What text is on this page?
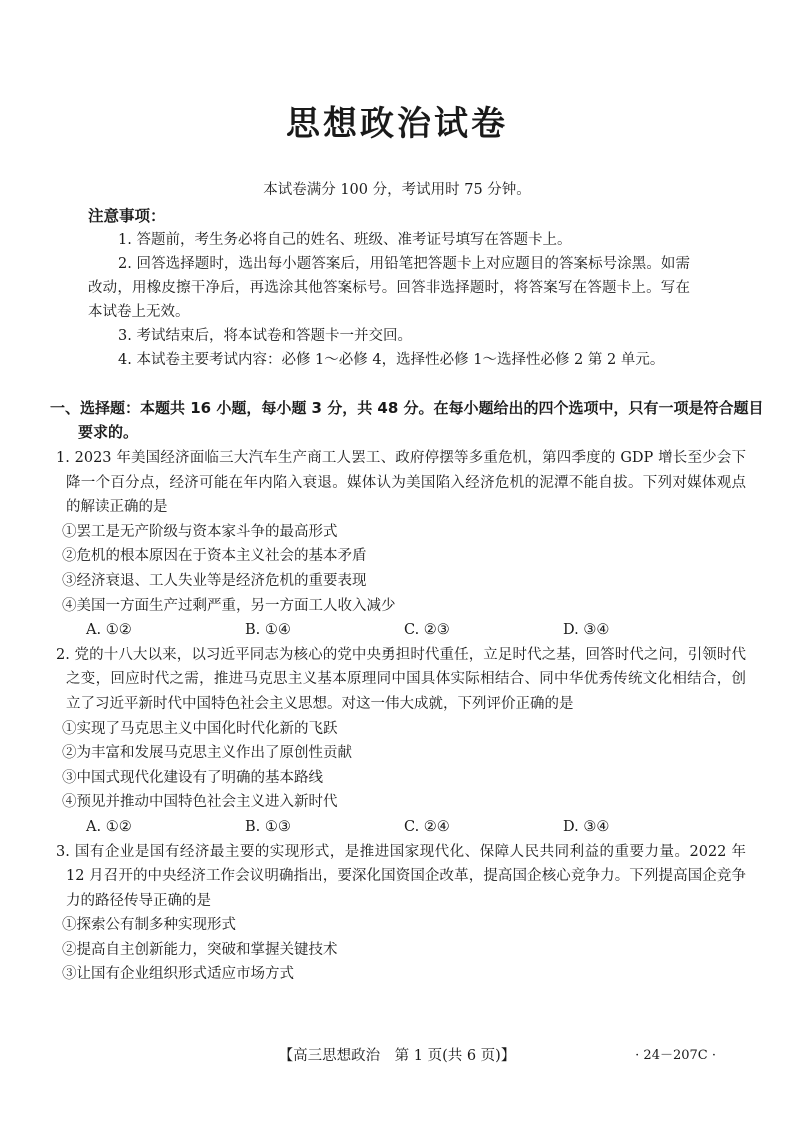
思想政治试卷
本试卷满分 100 分，考试用时 75 分钟。
注意事项：

1. 答题前，考生务必将自己的姓名、班级、准考证号填写在答题卡上。

2. 回答选择题时，选出每小题答案后，用铅笔把答题卡上对应题目的答案标号涂黑。如需改动，用橡皮擦干净后，再选涂其他答案标号。回答非选择题时，将答案写在答题卡上。写在本试卷上无效。

3. 考试结束后，将本试卷和答题卡一并交回。

4. 本试卷主要考试内容：必修 1～必修 4，选择性必修 1～选择性必修 2 第 2 单元。

一、选择题：本题共 16 小题，每小题 3 分，共 48 分。在每小题给出的四个选项中，只有一项是符合题目要求的。

1. 2023 年美国经济面临三大汽车生产商工人罢工、政府停摆等多重危机，第四季度的 GDP 增长至少会下降一个百分点，经济可能在年内陷入衰退。媒体认为美国陷入经济危机的泥潭不能自拔。下列对媒体观点的解读正确的是

①罢工是无产阶级与资本家斗争的最高形式

②危机的根本原因在于资本主义社会的基本矛盾

③经济衰退、工人失业等是经济危机的重要表现

④美国一方面生产过剩严重，另一方面工人收入减少

A. ①②	B. ①④	C. ②③	D. ③④

2. 党的十八大以来，以习近平同志为核心的党中央勇担时代重任，立足时代之基，回答时代之问，引领时代之变，回应时代之需，推进马克思主义基本原理同中国具体实际相结合、同中华优秀传统文化相结合，创立了习近平新时代中国特色社会主义思想。对这一伟大成就，下列评价正确的是

①实现了马克思主义中国化时代化新的飞跃

②为丰富和发展马克思主义作出了原创性贡献

③中国式现代化建设有了明确的基本路线

④预见并推动中国特色社会主义进入新时代

A. ①②	B. ①③	C. ②④	D. ③④

3. 国有企业是国有经济最主要的实现形式，是推进国家现代化、保障人民共同利益的重要力量。2022 年 12 月召开的中央经济工作会议明确指出，要深化国资国企改革，提高国企核心竞争力。下列提高国企竞争力的路径传导正确的是

①探索公有制多种实现形式

②提高自主创新能力，突破和掌握关键技术

③让国有企业组织形式适应市场方式

【高三思想政治　第 1 页(共 6 页)】	· 24－207C ·
